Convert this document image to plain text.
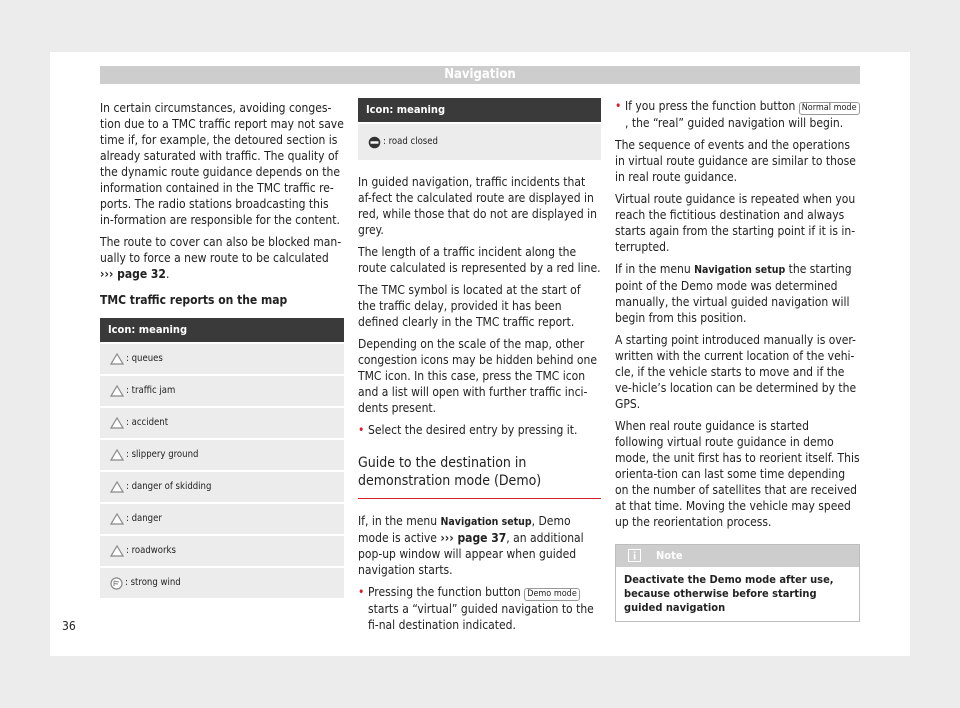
Navigation

In certain circumstances, avoiding conges-tion due to a TMC traffic report may not save time if, for example, the detoured section is already saturated with traffic. The quality of the dynamic route guidance depends on the information contained in the TMC traffic re-ports. The radio stations broadcasting this in-formation are responsible for the content.

The route to cover can also be blocked man-ually to force a new route to be calculated
››› page 32.

TMC traffic reports on the map

Icon: meaning
: queues
: traffic jam
: accident
: slippery ground
: danger of skidding
: danger
: roadworks
: strong wind
Icon: meaning
: road closed

In guided navigation, traffic incidents that af-fect the calculated route are displayed in red, while those that do not are displayed in grey.

The length of a traffic incident along the route calculated is represented by a red line.

The TMC symbol is located at the start of the traffic delay, provided it has been defined clearly in the TMC traffic report.

Depending on the scale of the map, other congestion icons may be hidden behind one TMC icon. In this case, press the TMC icon and a list will open with further traffic inci-dents present.

• Select the desired entry by pressing it.

Guide to the destination in demonstration mode (Demo)

If, in the menu Navigation setup, Demo mode is active ››› page 37, an additional pop-up window will appear when guided navigation starts.

• Pressing the function button Demo mode starts a “virtual” guided navigation to the fi-nal destination indicated.

• If you press the function button Normal mode, the “real” guided navigation will begin.

The sequence of events and the operations in virtual route guidance are similar to those in real route guidance.

Virtual route guidance is repeated when you reach the fictitious destination and always starts again from the starting point if it is in-terrupted.

If in the menu Navigation setup the starting point of the Demo mode was determined manually, the virtual guided navigation will begin from this position.

A starting point introduced manually is over-written with the current location of the vehi-cle, if the vehicle starts to move and if the ve-hicle’s location can be determined by the GPS.

When real route guidance is started following virtual route guidance in demo mode, the unit first has to reorient itself. This orienta-tion can last some time depending on the number of satellites that are received at that time. Moving the vehicle may speed up the reorientation process.

Note
Deactivate the Demo mode after use, because otherwise before starting guided navigation
36
